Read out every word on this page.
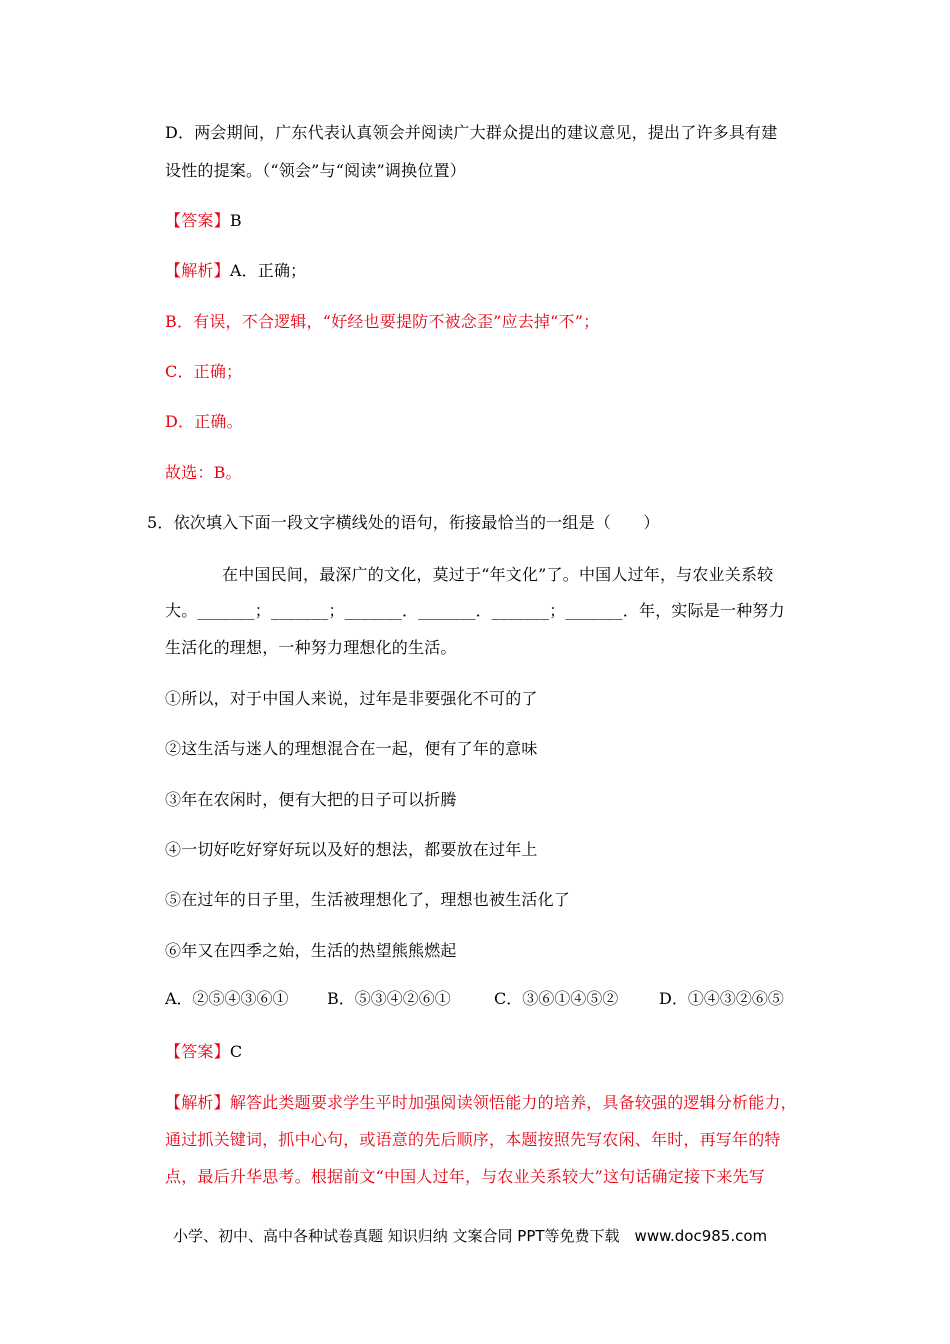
D．两会期间，广东代表认真领会并阅读广大群众提出的建议意见，提出了许多具有建
设性的提案。（“领会”与“阅读”调换位置）
【答案】B
【解析】A．正确；
B．有误，不合逻辑，“好经也要提防不被念歪”应去掉“不”；
C．正确；
D．正确。
故选：B。
5．依次填入下面一段文字横线处的语句，衔接最恰当的一组是（　　）
在中国民间，最深广的文化，莫过于“年文化”了。中国人过年，与农业关系较
大。_______；_______；_______．_______．_______；_______．年，实际是一种努力
生活化的理想，一种努力理想化的生活。
①所以，对于中国人来说，过年是非要强化不可的了
②这生活与迷人的理想混合在一起，便有了年的意味
③年在农闲时，便有大把的日子可以折腾
④一切好吃好穿好玩以及好的想法，都要放在过年上
⑤在过年的日子里，生活被理想化了，理想也被生活化了
⑥年又在四季之始，生活的热望熊熊燃起
A．②⑤④③⑥① B．⑤③④②⑥①	C．③⑥①④⑤②	D．①④③②⑥⑤
【答案】C
【解析】解答此类题要求学生平时加强阅读领悟能力的培养，具备较强的逻辑分析能力，
通过抓关键词，抓中心句，或语意的先后顺序，本题按照先写农闲、年时，再写年的特
点，最后升华思考。根据前文“中国人过年，与农业关系较大”这句话确定接下来先写
小学、初中、高中各种试卷真题 知识归纳 文案合同 PPT等免费下载　www.doc985.com
